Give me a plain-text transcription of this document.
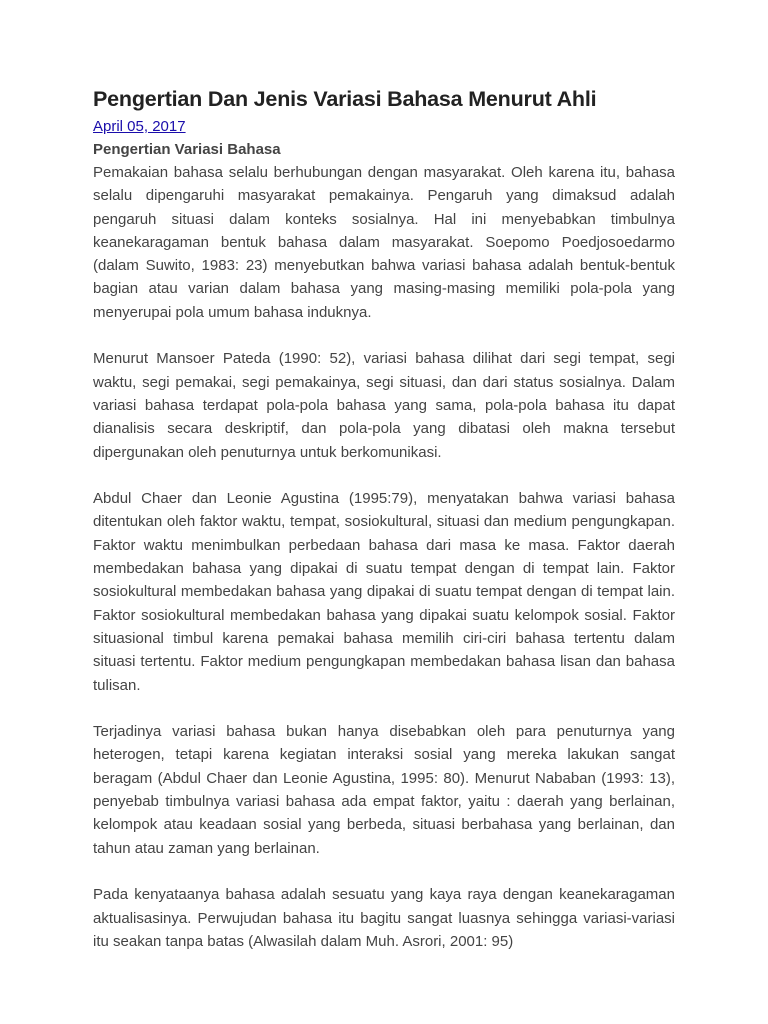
Pengertian Dan Jenis Variasi Bahasa Menurut Ahli
April 05, 2017
Pengertian Variasi Bahasa

Pemakaian bahasa selalu berhubungan dengan masyarakat. Oleh karena itu, bahasa selalu dipengaruhi masyarakat pemakainya. Pengaruh yang dimaksud adalah pengaruh situasi dalam konteks sosialnya. Hal ini menyebabkan timbulnya keanekaragaman bentuk bahasa dalam masyarakat. Soepomo Poedjosoedarmo (dalam Suwito, 1983: 23) menyebutkan bahwa variasi bahasa adalah bentuk-bentuk bagian atau varian dalam bahasa yang masing-masing memiliki pola-pola yang menyerupai pola umum bahasa induknya.

Menurut Mansoer Pateda (1990: 52), variasi bahasa dilihat dari segi tempat, segi waktu, segi pemakai, segi pemakainya, segi situasi, dan dari status sosialnya. Dalam variasi bahasa terdapat pola-pola bahasa yang sama, pola-pola bahasa itu dapat dianalisis secara deskriptif, dan pola-pola yang dibatasi oleh makna tersebut dipergunakan oleh penuturnya untuk berkomunikasi.

Abdul Chaer dan Leonie Agustina (1995:79), menyatakan bahwa variasi bahasa ditentukan oleh faktor waktu, tempat, sosiokultural, situasi dan medium pengungkapan. Faktor waktu menimbulkan perbedaan bahasa dari masa ke masa. Faktor daerah membedakan bahasa yang dipakai di suatu tempat dengan di tempat lain. Faktor sosiokultural membedakan bahasa yang dipakai di suatu tempat dengan di tempat lain. Faktor sosiokultural membedakan bahasa yang dipakai suatu kelompok sosial. Faktor situasional timbul karena pemakai bahasa memilih ciri-ciri bahasa tertentu dalam situasi tertentu. Faktor medium pengungkapan membedakan bahasa lisan dan bahasa tulisan.

Terjadinya variasi bahasa bukan hanya disebabkan oleh para penuturnya yang heterogen, tetapi karena kegiatan interaksi sosial yang mereka lakukan sangat beragam (Abdul Chaer dan Leonie Agustina, 1995: 80). Menurut Nababan (1993: 13), penyebab timbulnya variasi bahasa ada empat faktor, yaitu : daerah yang berlainan, kelompok atau keadaan sosial yang berbeda, situasi berbahasa yang berlainan, dan tahun atau zaman yang berlainan.

Pada kenyataanya bahasa adalah sesuatu yang kaya raya dengan keanekaragaman aktualisasinya. Perwujudan bahasa itu bagitu sangat luasnya sehingga variasi-variasi itu seakan tanpa batas (Alwasilah dalam Muh. Asrori, 2001: 95)
